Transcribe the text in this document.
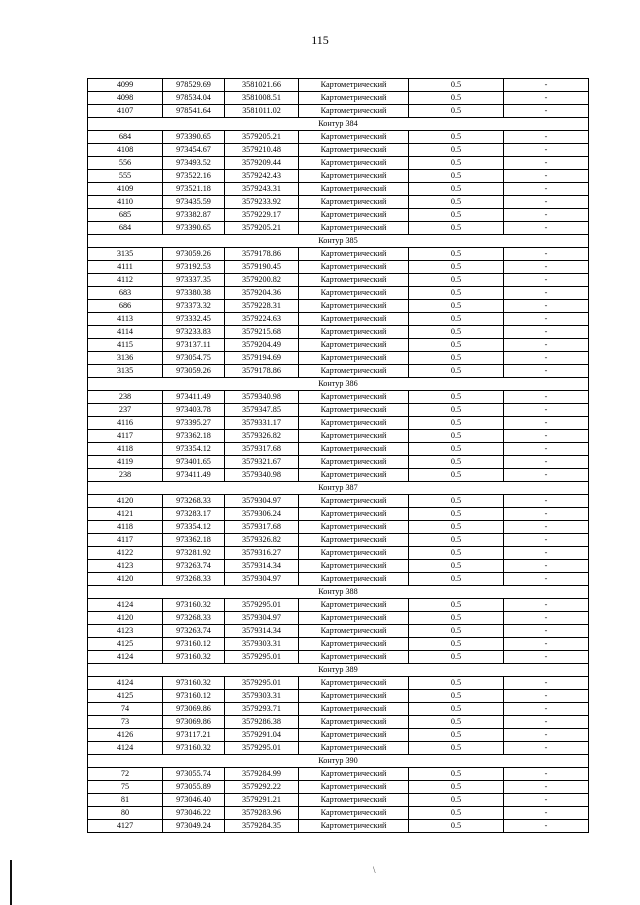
115
4099	978529.69	3581021.66	Картометрический	0.5	-
4098	978534.04	3581008.51	Картометрический	0.5	-
4107	978541.64	3581011.02	Картометрический	0.5	-
Контур 384					
684	973390.65	3579205.21	Картометрический	0.5	-
4108	973454.67	3579210.48	Картометрический	0.5	-
556	973493.52	3579209.44	Картометрический	0.5	-
555	973522.16	3579242.43	Картометрический	0.5	-
4109	973521.18	3579243.31	Картометрический	0.5	-
4110	973435.59	3579233.92	Картометрический	0.5	-
685	973382.87	3579229.17	Картометрический	0.5	-
684	973390.65	3579205.21	Картометрический	0.5	-
Контур 385					
3135	973059.26	3579178.86	Картометрический	0.5	-
4111	973192.53	3579190.45	Картометрический	0.5	-
4112	973337.35	3579200.82	Картометрический	0.5	-
683	973380.38	3579204.36	Картометрический	0.5	-
686	973373.32	3579228.31	Картометрический	0.5	-
4113	973332.45	3579224.63	Картометрический	0.5	-
4114	973233.83	3579215.68	Картометрический	0.5	-
4115	973137.11	3579204.49	Картометрический	0.5	-
3136	973054.75	3579194.69	Картометрический	0.5	-
3135	973059.26	3579178.86	Картометрический	0.5	-
Контур 386					
238	973411.49	3579340.98	Картометрический	0.5	-
237	973403.78	3579347.85	Картометрический	0.5	-
4116	973395.27	3579331.17	Картометрический	0.5	-
4117	973362.18	3579326.82	Картометрический	0.5	-
4118	973354.12	3579317.68	Картометрический	0.5	-
4119	973401.65	3579321.67	Картометрический	0.5	-
238	973411.49	3579340.98	Картометрический	0.5	-
Контур 387					
4120	973268.33	3579304.97	Картометрический	0.5	-
4121	973283.17	3579306.24	Картометрический	0.5	-
4118	973354.12	3579317.68	Картометрический	0.5	-
4117	973362.18	3579326.82	Картометрический	0.5	-
4122	973281.92	3579316.27	Картометрический	0.5	-
4123	973263.74	3579314.34	Картометрический	0.5	-
4120	973268.33	3579304.97	Картометрический	0.5	-
Контур 388					
4124	973160.32	3579295.01	Картометрический	0.5	-
4120	973268.33	3579304.97	Картометрический	0.5	-
4123	973263.74	3579314.34	Картометрический	0.5	-
4125	973160.12	3579303.31	Картометрический	0.5	-
4124	973160.32	3579295.01	Картометрический	0.5	-
Контур 389					
4124	973160.32	3579295.01	Картометрический	0.5	-
4125	973160.12	3579303.31	Картометрический	0.5	-
74	973069.86	3579293.71	Картометрический	0.5	-
73	973069.86	3579286.38	Картометрический	0.5	-
4126	973117.21	3579291.04	Картометрический	0.5	-
4124	973160.32	3579295.01	Картометрический	0.5	-
Контур 390					
72	973055.74	3579284.99	Картометрический	0.5	-
75	973055.89	3579292.22	Картометрический	0.5	-
81	973046.40	3579291.21	Картометрический	0.5	-
80	973046.22	3579283.96	Картометрический	0.5	-
4127	973049.24	3579284.35	Картометрический	0.5	-
\
